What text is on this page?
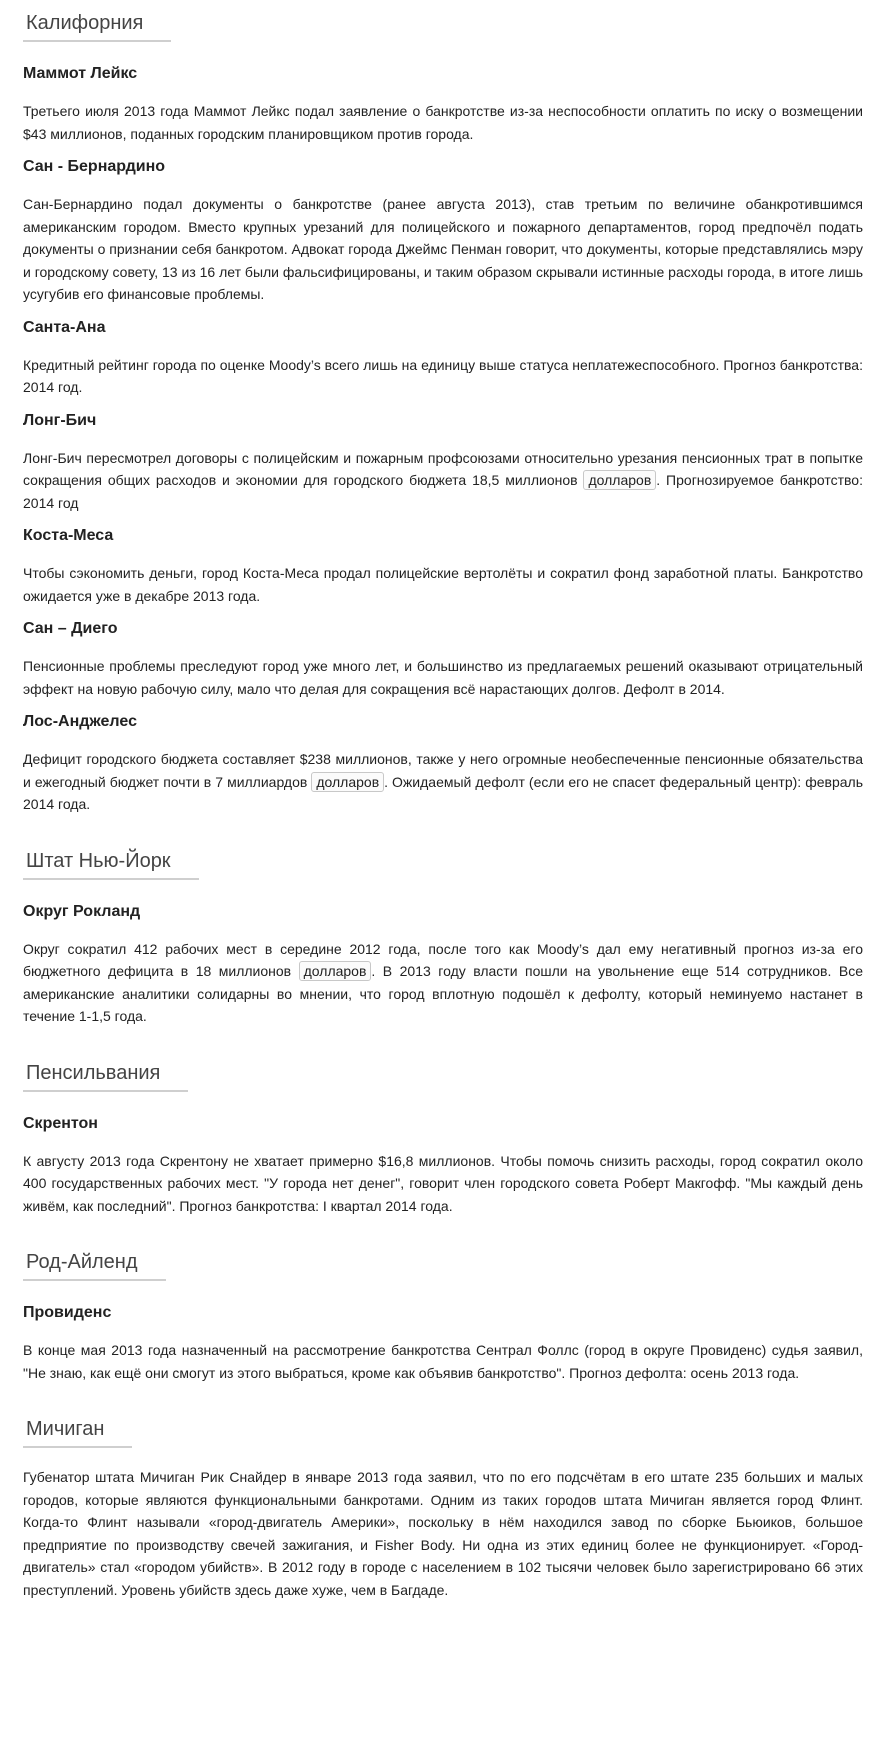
Калифорния
Маммот Лейкс

Третьего июля 2013 года Маммот Лейкс подал заявление о банкротстве из-за неспособности оплатить по иску о возмещении $43 миллионов, поданных городским планировщиком против города.

Сан - Бернардино

Сан-Бернардино подал документы о банкротстве (ранее августа 2013), став третьим по величине обанкротившимся американским городом. Вместо крупных урезаний для полицейского и пожарного департаментов, город предпочёл подать документы о признании себя банкротом. Адвокат города Джеймс Пенман говорит, что документы, которые представлялись мэру и городскому совету, 13 из 16 лет были фальсифицированы, и таким образом скрывали истинные расходы города, в итоге лишь усугубив его финансовые проблемы.

Санта-Ана

Кредитный рейтинг города по оценке Moody’s всего лишь на единицу выше статуса неплатежеспособного. Прогноз банкротства: 2014 год.

Лонг-Бич

Лонг-Бич пересмотрел договоры с полицейским и пожарным профсоюзами относительно урезания пенсионных трат в попытке сокращения общих расходов и экономии для городского бюджета 18,5 миллионов долларов . Прогнозируемое банкротство: 2014 год

Коста-Меса

Чтобы сэкономить деньги, город Коста-Меса продал полицейские вертолёты и сократил фонд заработной платы. Банкротство ожидается уже в декабре 2013 года.

Сан – Диего

Пенсионные проблемы преследуют город уже много лет, и большинство из предлагаемых решений оказывают отрицательный эффект на новую рабочую силу, мало что делая для сокращения всё нарастающих долгов. Дефолт в 2014.

Лос-Анджелес

Дефицит городского бюджета составляет $238 миллионов, также у него огромные необеспеченные пенсионные обязательства и ежегодный бюджет почти в 7 миллиардов долларов . Ожидаемый дефолт (если его не спасет федеральный центр): февраль 2014 года.

Штат Нью-Йорк
Округ Рокланд

Округ сократил 412 рабочих мест в середине 2012 года, после того как Moody’s дал ему негативный прогноз из-за его бюджетного дефицита в 18 миллионов долларов . В 2013 году власти пошли на увольнение еще 514 сотрудников. Все американские аналитики солидарны во мнении, что город вплотную подошёл к дефолту, который неминуемо настанет в течение 1-1,5 года.

Пенсильвания
Скрентон

К августу 2013 года Скрентону не хватает примерно $16,8 миллионов. Чтобы помочь снизить расходы, город сократил около 400 государственных рабочих мест. "У города нет денег", говорит член городского совета Роберт Макгофф. "Мы каждый день живём, как последний". Прогноз банкротства: I квартал 2014 года.

Род-Айленд
Провиденс

В конце мая 2013 года назначенный на рассмотрение банкротства Сентрал Фоллс (город в округе Провиденс) судья заявил, "Не знаю, как ещё они смогут из этого выбраться, кроме как объявив банкротство". Прогноз дефолта: осень 2013 года.

Мичиган

Губенатор штата Мичиган Рик Снайдер в январе 2013 года заявил, что по его подсчётам в его штате 235 больших и малых городов, которые являются функциональными банкротами. Одним из таких городов штата Мичиган является город Флинт. Когда-то Флинт называли «город-двигатель Америки», поскольку в нём находился завод по сборке Бьюиков, большое предприятие по производству свечей зажигания, и Fisher Body. Ни одна из этих единиц более не функционирует. «Город-двигатель» стал «городом убийств». В 2012 году в городе с населением в 102 тысячи человек было зарегистрировано 66 этих преступлений. Уровень убийств здесь даже хуже, чем в Багдаде.
